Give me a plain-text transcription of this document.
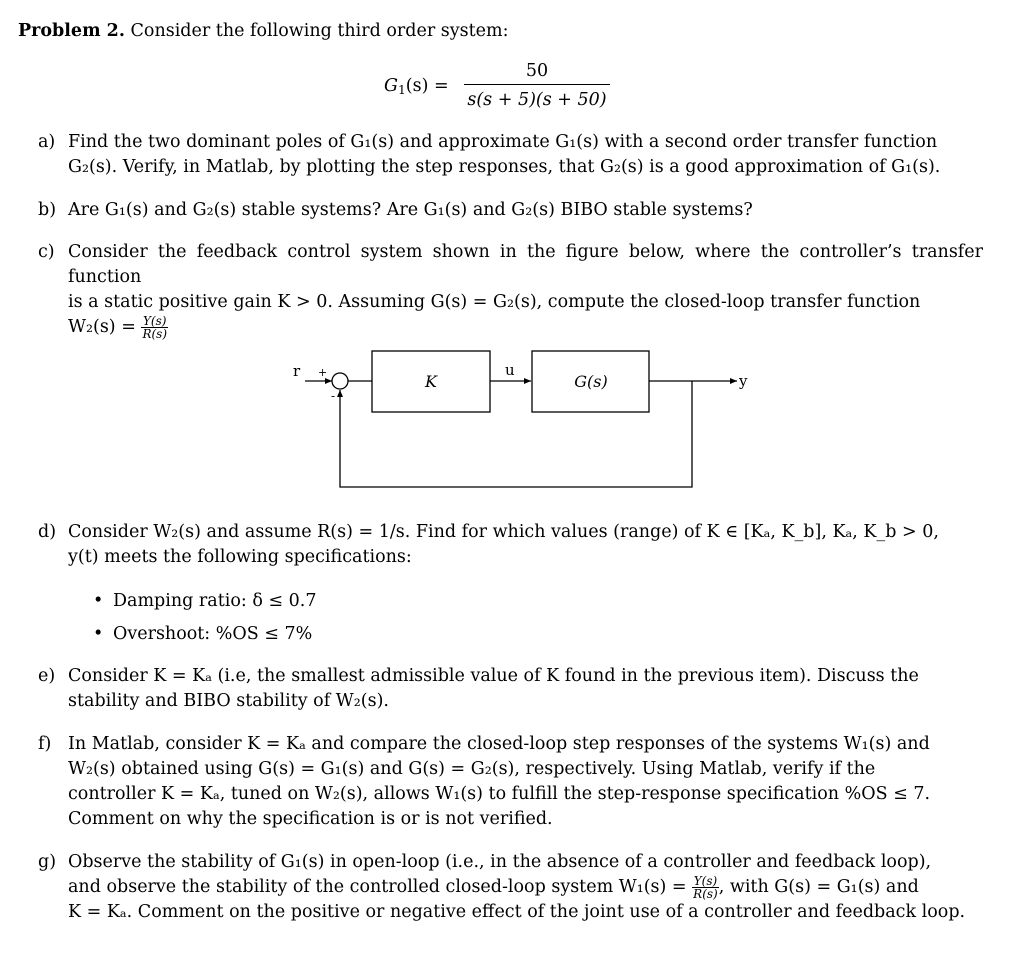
Problem 2. Consider the following third order system:
$G_1(s)$ =
50
s(s + 5)(s + 50)
a) Find the two dominant poles of G₁(s) and approximate G₁(s) with a second order transfer function
G₂(s). Verify, in Matlab, by plotting the step responses, that G₂(s) is a good approximation of G₁(s).
b) Are G₁(s) and G₂(s) stable systems? Are G₁(s) and G₂(s) BIBO stable systems?
c) Consider the feedback control system shown in the figure below, where the controller’s transfer function
is a static positive gain K > 0. Assuming G(s) = G₂(s), compute the closed-loop transfer function
$W_2(s) = \frac{Y(s)}{R(s)}$
r +
-
K
u
G(s)	y
d) Consider W₂(s) and assume R(s) = 1/s. Find for which values (range) of K ∈ [Kₐ, K_b], Kₐ, K_b > 0,
y(t) meets the following specifications:
• Damping ratio: δ ≤ 0.7
• Overshoot: %OS ≤ 7%
e) Consider K = Kₐ (i.e, the smallest admissible value of K found in the previous item). Discuss the
stability and BIBO stability of W₂(s).
f) In Matlab, consider K = Kₐ and compare the closed-loop step responses of the systems W₁(s) and
W₂(s) obtained using G(s) = G₁(s) and G(s) = G₂(s), respectively. Using Matlab, verify if the
controller K = Kₐ, tuned on W₂(s), allows W₁(s) to fulfill the step-response specification %OS ≤ 7.
Comment on why the specification is or is not verified.
g) Observe the stability of G₁(s) in open-loop (i.e., in the absence of a controller and feedback loop),
and observe the stability of the controlled closed-loop system $W_1(s) = \frac{Y(s)}{R(s)}$ , with G(s) = G₁(s) and
K = Kₐ. Comment on the positive or negative effect of the joint use of a controller and feedback loop.
